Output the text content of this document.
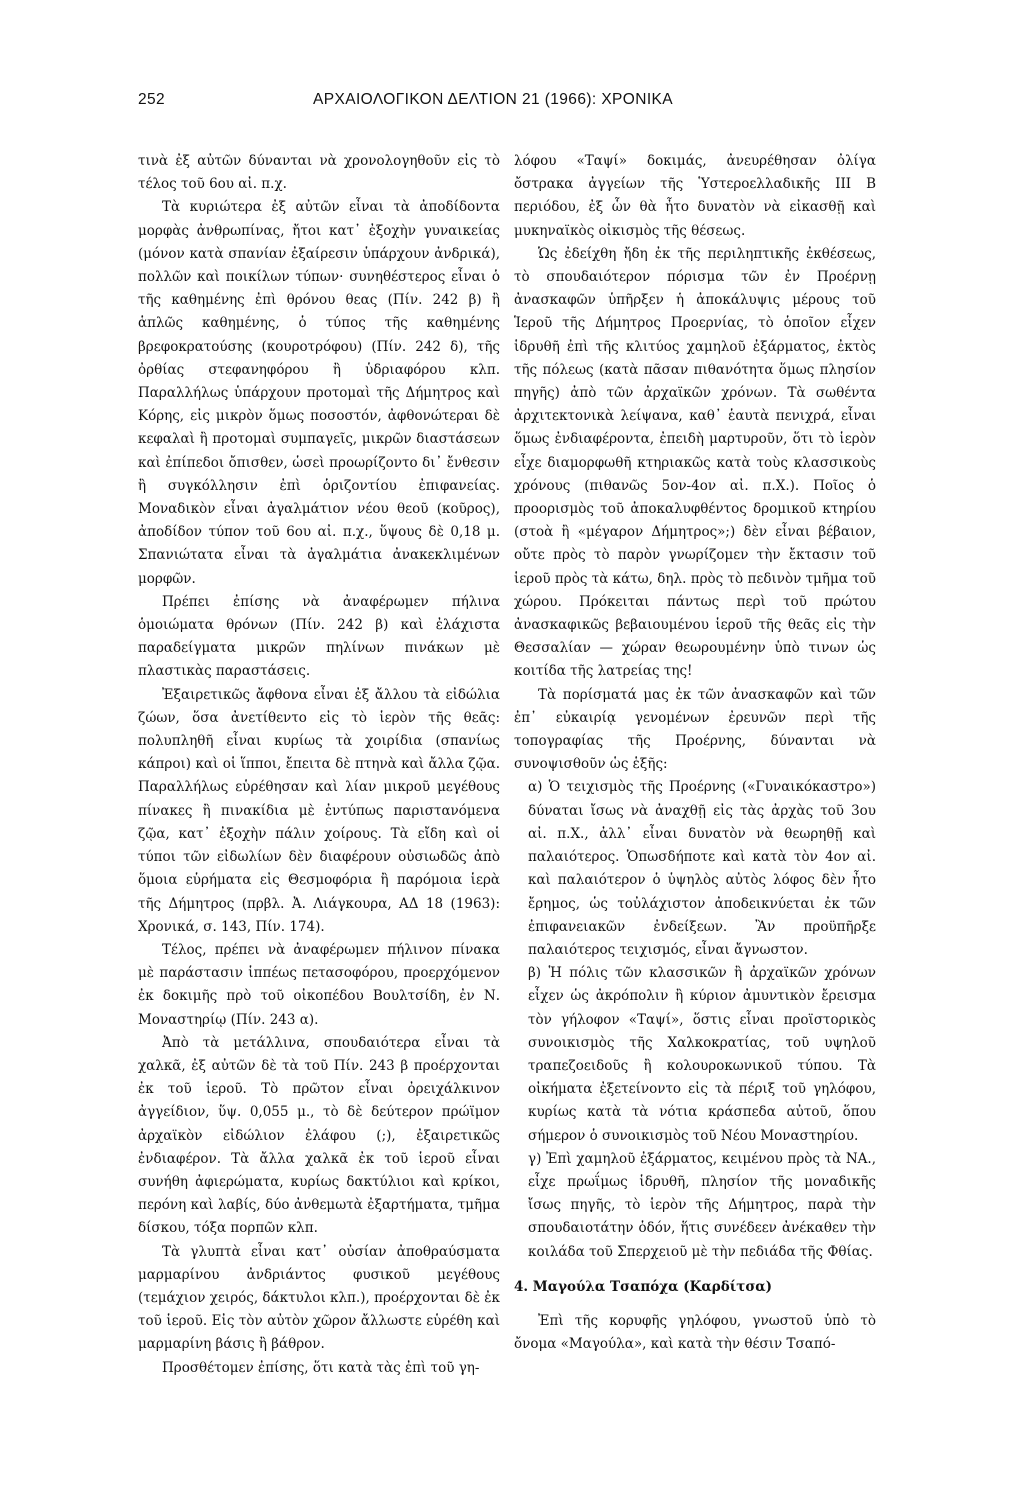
252	ΑΡΧΑΙΟΛΟΓΙΚΟΝ ΔΕΛΤΙΟΝ 21 (1966): ΧΡΟΝΙΚΑ

τινὰ ἐξ αὐτῶν δύνανται νὰ χρονολογηθοῦν εἰς τὸ τέλος τοῦ 6ου αἰ. π.χ.

Τὰ κυριώτερα ἐξ αὐτῶν εἶναι τὰ ἀποδίδοντα μορφὰς ἀνθρωπίνας, ἤτοι κατ᾽ ἐξοχὴν γυναικείας (μόνον κατὰ σπανίαν ἐξαίρεσιν ὑπάρχουν ἀνδρικά), πολλῶν καὶ ποικίλων τύπων· συνηθέστερος εἶναι ὁ τῆς καθημένης ἐπὶ θρόνου θεας (Πίν. 242 β) ἢ ἁπλῶς καθημένης, ὁ τύπος τῆς καθημένης βρεφοκρατούσης (κουροτρόφου) (Πίν. 242 δ), τῆς ὀρθίας στεφανηφόρου ἢ ὑδριαφόρου κλπ. Παραλλήλως ὑπάρχουν προτομαὶ τῆς Δήμητρος καὶ Κόρης, εἰς μικρὸν ὅμως ποσοστόν, ἀφθονώτεραι δὲ κεφαλαὶ ἢ προτομαὶ συμπαγεῖς, μικρῶν διαστάσεων καὶ ἐπίπεδοι ὄπισθεν, ὡσεὶ προωρίζοντο δι᾽ ἔνθεσιν ἢ συγκόλλησιν ἐπὶ ὁριζοντίου ἐπιφανείας. Μοναδικὸν εἶναι ἀγαλμάτιον νέου θεοῦ (κοῦρος), ἀποδίδον τύπον τοῦ 6ου αἰ. π.χ., ὕψους δὲ 0,18 μ. Σπανιώτατα εἶναι τὰ ἀγαλμάτια ἀνακεκλιμένων μορφῶν.

Πρέπει ἐπίσης νὰ ἀναφέρωμεν πήλινα ὁμοιώματα θρόνων (Πίν. 242 β) καὶ ἐλάχιστα παραδείγματα μικρῶν πηλίνων πινάκων μὲ πλαστικὰς παραστάσεις.

Ἐξαιρετικῶς ἄφθονα εἶναι ἐξ ἄλλου τὰ εἰδώλια ζώων, ὅσα ἀνετίθεντο εἰς τὸ ἱερὸν τῆς θεᾶς: πολυπληθῆ εἶναι κυρίως τὰ χοιρίδια (σπανίως κάπροι) καὶ οἱ ἵπποι, ἔπειτα δὲ πτηνὰ καὶ ἄλλα ζῷα. Παραλλήλως εὑρέθησαν καὶ λίαν μικροῦ μεγέθους πίνακες ἢ πινακίδια μὲ ἐντύπως παριστανόμενα ζῷα, κατ᾽ ἐξοχὴν πάλιν χοίρους. Τὰ εἴδη καὶ οἱ τύποι τῶν εἰδωλίων δὲν διαφέρουν οὐσιωδῶς ἀπὸ ὅμοια εὑρήματα εἰς Θεσμοφόρια ἢ παρόμοια ἱερὰ τῆς Δήμητρος (πρβλ. Ἀ. Λιάγκουρα, ΑΔ 18 (1963): Χρονικά, σ. 143, Πίν. 174).

Τέλος, πρέπει νὰ ἀναφέρωμεν πήλινον πίνακα μὲ παράστασιν ἱππέως πετασοφόρου, προερχόμενον ἐκ δοκιμῆς πρὸ τοῦ οἰκοπέδου Βουλτσίδη, ἐν Ν. Μοναστηρίῳ (Πίν. 243 α).

Ἀπὸ τὰ μετάλλινα, σπουδαιότερα εἶναι τὰ χαλκᾶ, ἐξ αὐτῶν δὲ τὰ τοῦ Πίν. 243 β προέρχονται ἐκ τοῦ ἱεροῦ. Τὸ πρῶτον εἶναι ὀρειχάλκινον ἀγγείδιον, ὕψ. 0,055 μ., τὸ δὲ δεύτερον πρώϊμον ἀρχαϊκὸν εἰδώλιον ἐλάφου (;), ἐξαιρετικῶς ἐνδιαφέρον. Τὰ ἄλλα χαλκᾶ ἐκ τοῦ ἱεροῦ εἶναι συνήθη ἀφιερώματα, κυρίως δακτύλιοι καὶ κρίκοι, περόνη καὶ λαβίς, δύο ἀνθεμωτὰ ἐξαρτήματα, τμῆμα δίσκου, τόξα πορπῶν κλπ.

Τὰ γλυπτὰ εἶναι κατ᾽ οὐσίαν ἀποθραύσματα μαρμαρίνου ἀνδριάντος φυσικοῦ μεγέθους (τεμάχιον χειρός, δάκτυλοι κλπ.), προέρχονται δὲ ἐκ τοῦ ἱεροῦ. Εἰς τὸν αὐτὸν χῶρον ἄλλωστε εὑρέθη καὶ μαρμαρίνη βάσις ἢ βάθρον.

Προσθέτομεν ἐπίσης, ὅτι κατὰ τὰς ἐπὶ τοῦ γη-

λόφου «Ταψί» δοκιμάς, ἀνευρέθησαν ὀλίγα ὄστρακα ἀγγείων τῆς Ὑστεροελλαδικῆς III Β περιόδου, ἐξ ὧν θὰ ἦτο δυνατὸν νὰ εἰκασθῇ καὶ μυκηναϊκὸς οἰκισμὸς τῆς θέσεως.

Ὡς ἐδείχθη ἤδη ἐκ τῆς περιληπτικῆς ἐκθέσεως, τὸ σπουδαιότερον πόρισμα τῶν ἐν Προέρνῃ ἀνασκαφῶν ὑπῆρξεν ἡ ἀποκάλυψις μέρους τοῦ Ἱεροῦ τῆς Δήμητρος Προερνίας, τὸ ὁποῖον εἶχεν ἱδρυθῆ ἐπὶ τῆς κλιτύος χαμηλοῦ ἐξάρματος, ἐκτὸς τῆς πόλεως (κατὰ πᾶσαν πιθανότητα ὅμως πλησίον πηγῆς) ἀπὸ τῶν ἀρχαϊκῶν χρόνων. Τὰ σωθέντα ἀρχιτεκτονικὰ λείψανα, καθ᾽ ἑαυτὰ πενιχρά, εἶναι ὅμως ἐνδιαφέροντα, ἐπειδὴ μαρτυροῦν, ὅτι τὸ ἱερὸν εἶχε διαμορφωθῆ κτηριακῶς κατὰ τοὺς κλασσικοὺς χρόνους (πιθανῶς 5ον-4ον αἰ. π.Χ.). Ποῖος ὁ προορισμὸς τοῦ ἀποκαλυφθέντος δρομικοῦ κτηρίου (στοὰ ἢ «μέγαρον Δήμητρος»;) δὲν εἶναι βέβαιον, οὔτε πρὸς τὸ παρὸν γνωρίζομεν τὴν ἔκτασιν τοῦ ἱεροῦ πρὸς τὰ κάτω, δηλ. πρὸς τὸ πεδινὸν τμῆμα τοῦ χώρου. Πρόκειται πάντως περὶ τοῦ πρώτου ἀνασκαφικῶς βεβαιουμένου ἱεροῦ τῆς θεᾶς εἰς τὴν Θεσσαλίαν — χώραν θεωρουμένην ὑπὸ τινων ὡς κοιτίδα τῆς λατρείας της!

Τὰ πορίσματά μας ἐκ τῶν ἀνασκαφῶν καὶ τῶν ἐπ᾽ εὐκαιρίᾳ γενομένων ἐρευνῶν περὶ τῆς τοπογραφίας τῆς Προέρνης, δύνανται νὰ συνοψισθοῦν ὡς ἑξῆς:

α) Ὁ τειχισμὸς τῆς Προέρνης («Γυναικόκαστρο») δύναται ἴσως νὰ ἀναχθῇ εἰς τὰς ἀρχὰς τοῦ 3ου αἰ. π.Χ., ἀλλ᾽ εἶναι δυνατὸν νὰ θεωρηθῇ καὶ παλαιότερος. Ὁπωσδήποτε καὶ κατὰ τὸν 4ον αἰ. καὶ παλαιότερον ὁ ὑψηλὸς αὐτὸς λόφος δὲν ἦτο ἔρημος, ὡς τοὐλάχιστον ἀποδεικνύεται ἐκ τῶν ἐπιφανειακῶν ἐνδείξεων. Ἂν προϋπῆρξε παλαιότερος τειχισμός, εἶναι ἄγνωστον.

β) Ἡ πόλις τῶν κλασσικῶν ἢ ἀρχαϊκῶν χρόνων εἶχεν ὡς ἀκρόπολιν ἢ κύριον ἀμυντικὸν ἔρεισμα τὸν γήλοφον «Ταψί», ὅστις εἶναι προϊστορικὸς συνοικισμὸς τῆς Χαλκοκρατίας, τοῦ υψηλοῦ τραπεζοειδοῦς ἢ κολουροκωνικοῦ τύπου. Τὰ οἰκήματα ἐξετείνοντο εἰς τὰ πέριξ τοῦ γηλόφου, κυρίως κατὰ τὰ νότια κράσπεδα αὐτοῦ, ὅπου σήμερον ὁ συνοικισμὸς τοῦ Νέου Μοναστηρίου.

γ) Ἐπὶ χαμηλοῦ ἐξάρματος, κειμένου πρὸς τὰ ΝΑ., εἶχε πρωΐμως ἱδρυθῆ, πλησίον τῆς μοναδικῆς ἴσως πηγῆς, τὸ ἱερὸν τῆς Δήμητρος, παρὰ τὴν σπουδαιοτάτην ὁδόν, ἥτις συνέδεεν ἀνέκαθεν τὴν κοιλάδα τοῦ Σπερχειοῦ μὲ τὴν πεδιάδα τῆς Φθίας.

4. Μαγούλα Τσαπόχα (Καρδίτσα)

Ἐπὶ τῆς κορυφῆς γηλόφου, γνωστοῦ ὑπὸ τὸ ὄνομα «Μαγούλα», καὶ κατὰ τὴν θέσιν Τσαπό-
